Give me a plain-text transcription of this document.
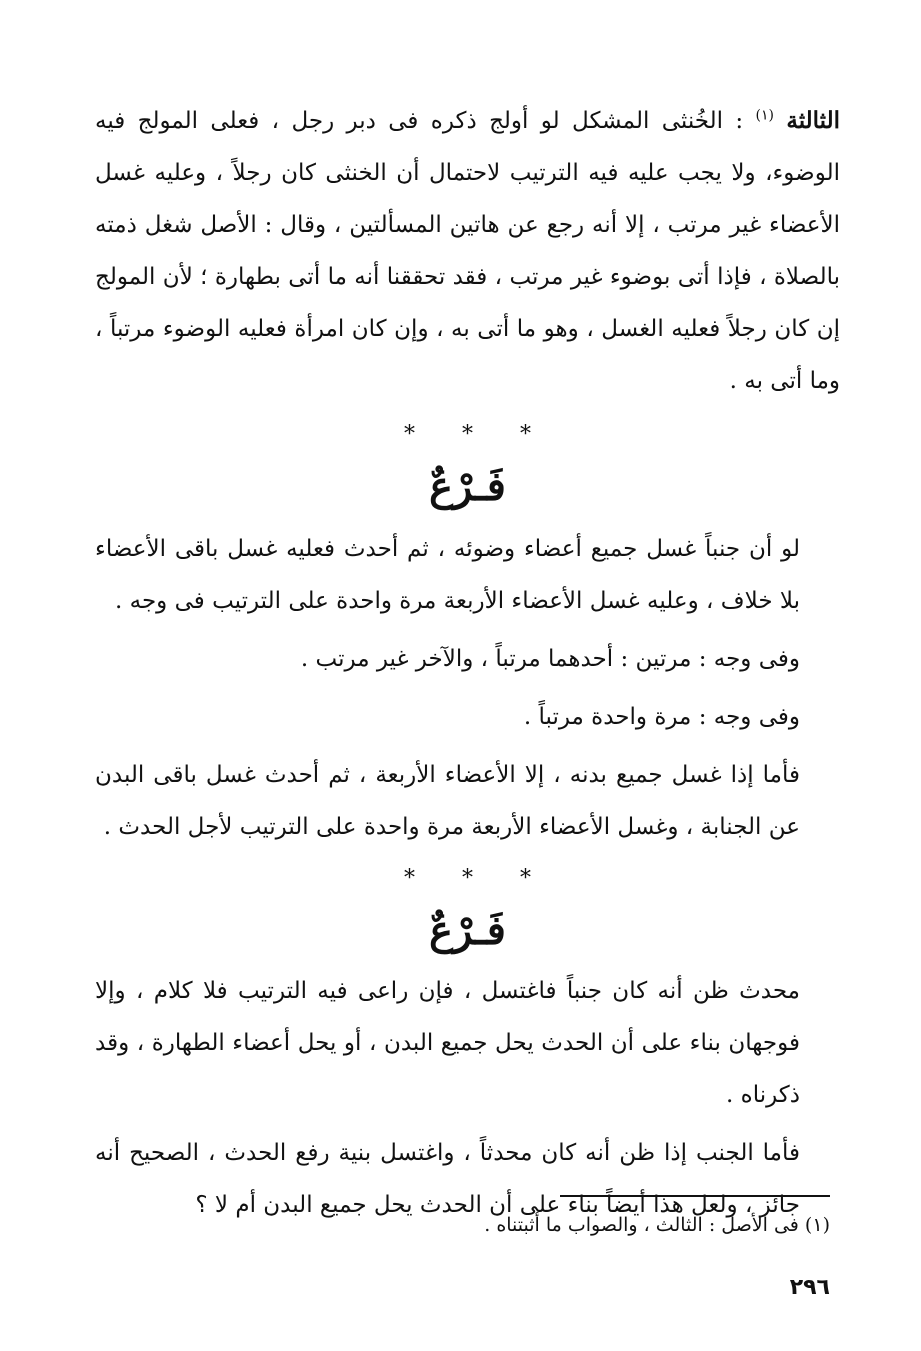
الثالثة $^{(١)}$ : الخُنثى المشكل لو أولج ذكره فى دبر رجل ، فعلى المولج فيه الوضوء، ولا يجب عليه فيه الترتيب لاحتمال أن الخنثى كان رجلاً ، وعليه غسل الأعضاء غير مرتب ، إلا أنه رجع عن هاتين المسألتين ، وقال : الأصل شغل ذمته بالصلاة ، فإذا أتى بوضوء غير مرتب ، فقد تحققنا أنه ما أتى بطهارة ؛ لأن المولج إن كان رجلاً فعليه الغسل ، وهو ما أتى به ، وإن كان امرأة فعليه الوضوء مرتباً ، وما أتى به .

* * *
فَـرْعٌ

لو أن جنباً غسل جميع أعضاء وضوئه ، ثم أحدث فعليه غسل باقى الأعضاء بلا خلاف ، وعليه غسل الأعضاء الأربعة مرة واحدة على الترتيب فى وجه .

وفى وجه : مرتين : أحدهما مرتباً ، والآخر غير مرتب .

وفى وجه : مرة واحدة مرتباً .

فأما إذا غسل جميع بدنه ، إلا الأعضاء الأربعة ، ثم أحدث غسل باقى البدن عن الجنابة ، وغسل الأعضاء الأربعة مرة واحدة على الترتيب لأجل الحدث .

* * *
فَـرْعٌ

محدث ظن أنه كان جنباً فاغتسل ، فإن راعى فيه الترتيب فلا كلام ، وإلا فوجهان بناء على أن الحدث يحل جميع البدن ، أو يحل أعضاء الطهارة ، وقد ذكرناه .

فأما الجنب إذا ظن أنه كان محدثاً ، واغتسل بنية رفع الحدث ، الصحيح أنه جائز ، ولعل هذا أيضاً بناء على أن الحدث يحل جميع البدن أم لا ؟

(١) فى الأصل : الثالث ، والصواب ما أثبتناه .
٢٩٦
